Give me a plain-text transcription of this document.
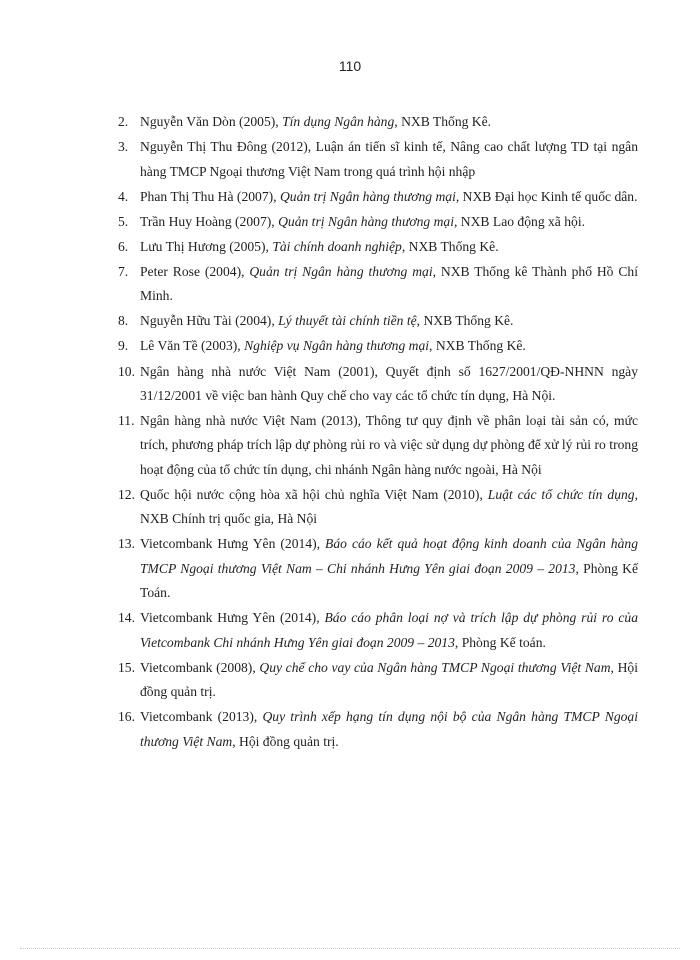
110
2. Nguyễn Văn Dòn (2005), Tín dụng Ngân hàng, NXB Thống Kê.
3. Nguyễn Thị Thu Đông (2012), Luận án tiến sĩ kinh tế, Nâng cao chất lượng TD tại ngân hàng TMCP Ngoại thương Việt Nam trong quá trình hội nhập
4. Phan Thị Thu Hà (2007), Quản trị Ngân hàng thương mại, NXB Đại học Kinh tế quốc dân.
5. Trần Huy Hoàng (2007), Quản trị Ngân hàng thương mại, NXB Lao động xã hội.
6. Lưu Thị Hương (2005), Tài chính doanh nghiệp, NXB Thống Kê.
7. Peter Rose (2004), Quản trị Ngân hàng thương mại, NXB Thống kê Thành phố Hồ Chí Minh.
8. Nguyễn Hữu Tài (2004), Lý thuyết tài chính tiền tệ, NXB Thống Kê.
9. Lê Văn Tề (2003), Nghiệp vụ Ngân hàng thương mại, NXB Thống Kê.
10. Ngân hàng nhà nước Việt Nam (2001), Quyết định số 1627/2001/QĐ-NHNN ngày 31/12/2001 về việc ban hành Quy chế cho vay các tổ chức tín dụng, Hà Nội.
11. Ngân hàng nhà nước Việt Nam (2013), Thông tư quy định về phân loại tài sản có, mức trích, phương pháp trích lập dự phòng rủi ro và việc sử dụng dự phòng để xử lý rủi ro trong hoạt động của tổ chức tín dụng, chi nhánh Ngân hàng nước ngoài, Hà Nội
12. Quốc hội nước cộng hòa xã hội chủ nghĩa Việt Nam (2010), Luật các tổ chức tín dụng, NXB Chính trị quốc gia, Hà Nội
13. Vietcombank Hưng Yên (2014), Báo cáo kết quả hoạt động kinh doanh của Ngân hàng TMCP Ngoại thương Việt Nam – Chi nhánh Hưng Yên giai đoạn 2009 – 2013, Phòng Kế Toán.
14. Vietcombank Hưng Yên (2014), Báo cáo phân loại nợ và trích lập dự phòng rủi ro của Vietcombank Chi nhánh Hưng Yên giai đoạn 2009 – 2013, Phòng Kế toán.
15. Vietcombank (2008), Quy chế cho vay của Ngân hàng TMCP Ngoại thương Việt Nam, Hội đồng quản trị.
16. Vietcombank (2013), Quy trình xếp hạng tín dụng nội bộ của Ngân hàng TMCP Ngoại thương Việt Nam, Hội đồng quản trị.
